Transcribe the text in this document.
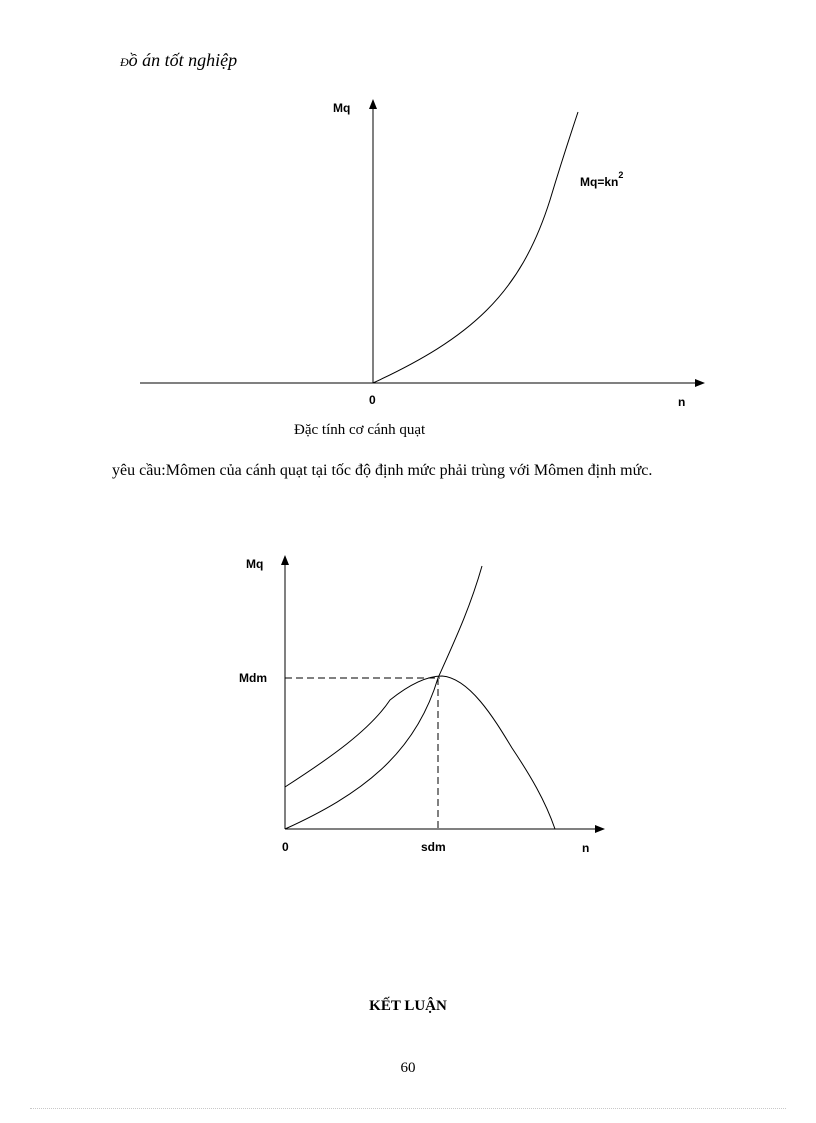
Đồ án tốt nghiệp
Mq
0	n
$Mq=kn^2$
Mq
Mdm
0	sdm	n
Đặc tính cơ cánh quạt
yêu cầu:Mômen của cánh quạt tại tốc độ định mức phải trùng với Mômen định mức.
KẾT LUẬN
60
